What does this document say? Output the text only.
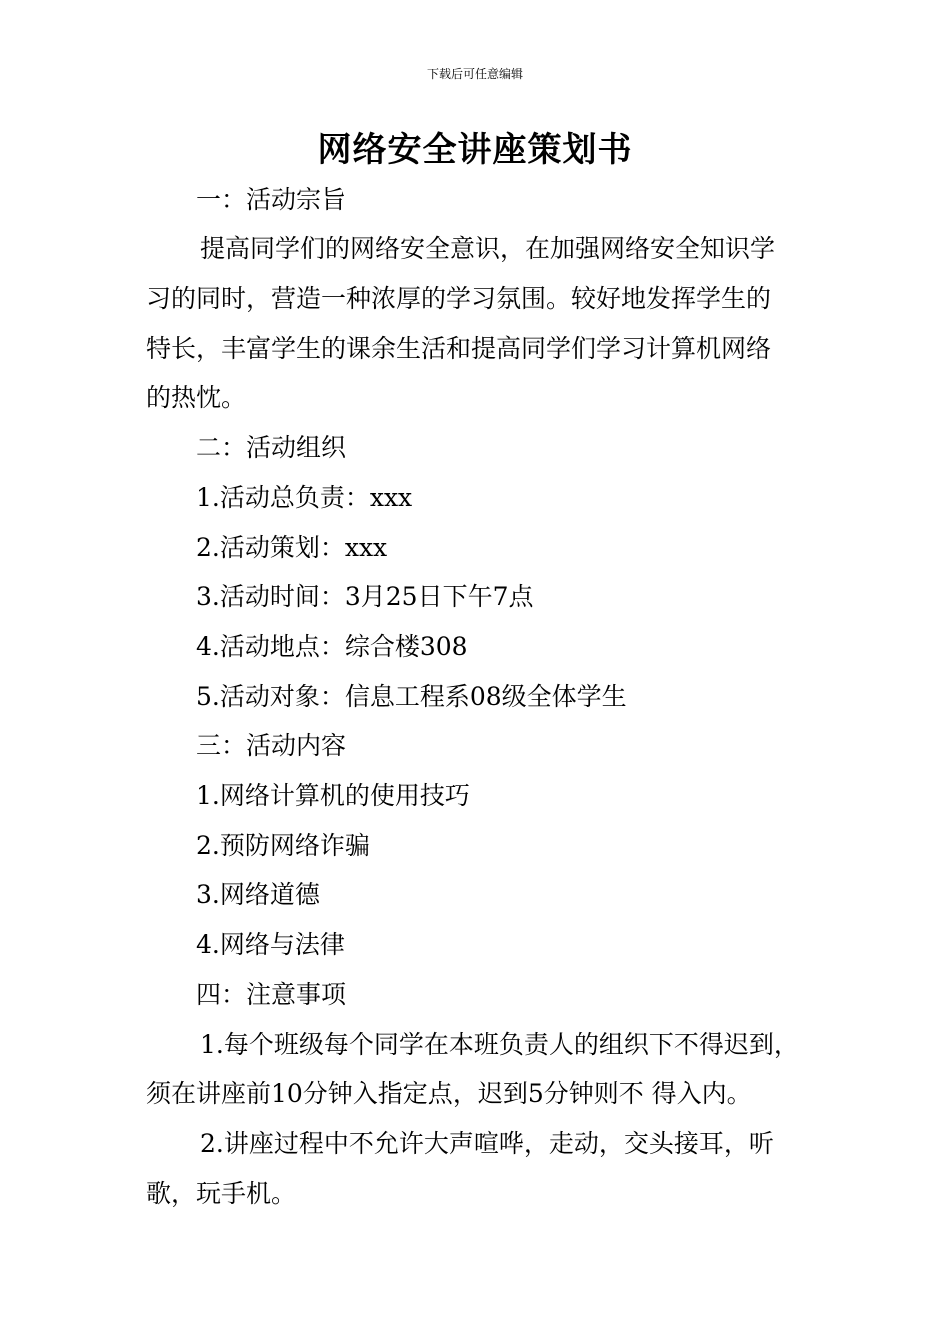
下载后可任意编辑
网络安全讲座策划书

一：活动宗旨

提高同学们的网络安全意识，在加强网络安全知识学

习的同时，营造一种浓厚的学习氛围。较好地发挥学生的

特长，丰富学生的课余生活和提高同学们学习计算机网络

的热忱。

二：活动组织

1.活动总负责：xxx

2.活动策划：xxx

3.活动时间：3月25日下午7点

4.活动地点：综合楼308

5.活动对象：信息工程系08级全体学生

三：活动内容

1.网络计算机的使用技巧

2.预防网络诈骗

3.网络道德

4.网络与法律

四：注意事项

1.每个班级每个同学在本班负责人的组织下不得迟到，

须在讲座前10分钟入指定点，迟到5分钟则不 得入内。

2.讲座过程中不允许大声喧哗，走动，交头接耳，听

歌，玩手机。
